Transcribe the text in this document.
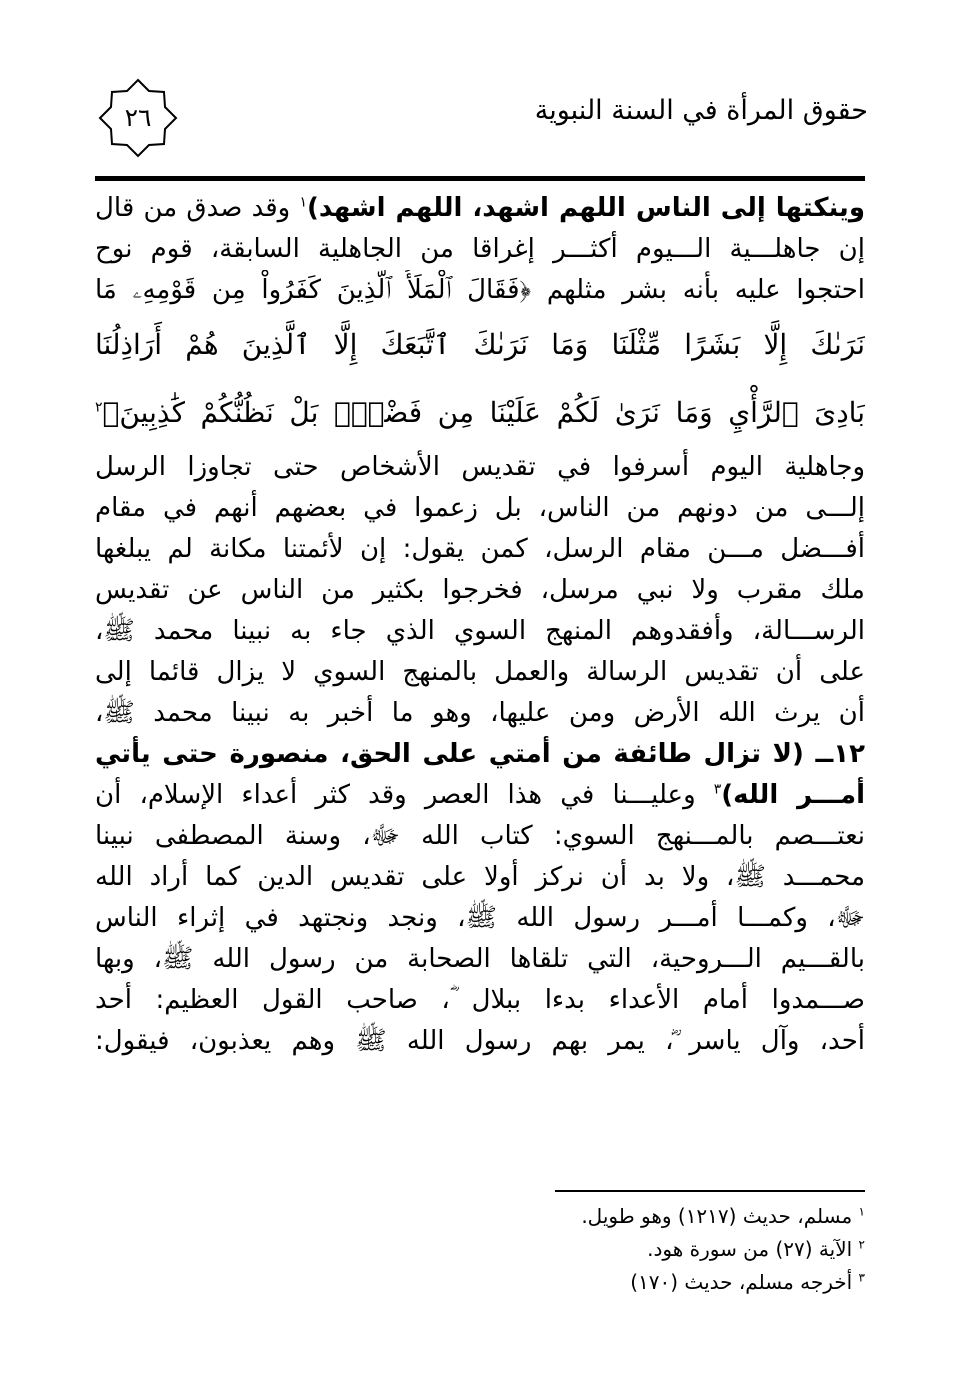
٢٦	حقوق المرأة في السنة النبوية
وينكتها إلى الناس اللهم اشهد، اللهم اشهد)$^١$ وقد صدق من قال
إن جاهلـــية الـــيوم أكثـــر إغراقا من الجاهلية السابقة، قوم نوح
احتجوا عليه بأنه بشر مثلهم ﴿فَقَالَ ٱلْمَلَأُ ٱلَّذِينَ كَفَرُواْ مِن قَوْمِهِۦ مَا
نَرَىٰكَ إِلَّا بَشَرًا مِّثْلَنَا وَمَا نَرَىٰكَ ٱتَّبَعَكَ إِلَّا ٱلَّذِينَ هُمْ أَرَاذِلُنَا
بَادِىَ ٱلرَّأْيِ وَمَا نَرَىٰ لَكُمْ عَلَيْنَا مِن فَضْلٍۭ بَلْ نَظُنُّكُمْ كَٰذِبِينَ﴾$^٢$
وجاهلية اليوم أسرفوا في تقديس الأشخاص حتى تجاوزا الرسل
إلـــى من دونهم من الناس، بل زعموا في بعضهم أنهم في مقام
أفـــضل مـــن مقام الرسل، كمن يقول: إن لأئمتنا مكانة لم يبلغها
ملك مقرب ولا نبي مرسل، فخرجوا بكثير من الناس عن تقديس
الرســـالة، وأفقدوهم المنهج السوي الذي جاء به نبينا محمد ﷺ،
على أن تقديس الرسالة والعمل بالمنهج السوي لا يزال قائما إلى
أن يرث الله الأرض ومن عليها، وهو ما أخبر به نبينا محمد ﷺ،
١٢ــ (لا تزال طائفة من أمتي على الحق، منصورة حتى يأتي
أمـــر الله)$^٣$ وعليـــنا في هذا العصر وقد كثر أعداء الإسلام، أن
نعتـــصم بالمـــنهج السوي: كتاب الله ﷻ، وسنة المصطفى نبينا
محمـــد ﷺ، ولا بد أن نركز أولا على تقديس الدين كما أراد الله
ﷻ، وكمـــا أمـــر رسول الله ﷺ، ونجد ونجتهد في إثراء الناس
بالقـــيم الـــروحية، التي تلقاها الصحابة من رسول الله ﷺ، وبها
صـــمدوا أمام الأعداء بدءا ببلال ؓ، صاحب القول العظيم: أحد
أحد، وآل ياسر ؓ، يمر بهم رسول الله ﷺ وهم يعذبون، فيقول:
$^١$ مسلم، حديث (١٢١٧) وهو طويل.
$^٢$ الآية (٢٧) من سورة هود.
$^٣$ أخرجه مسلم، حديث (١٧٠)
